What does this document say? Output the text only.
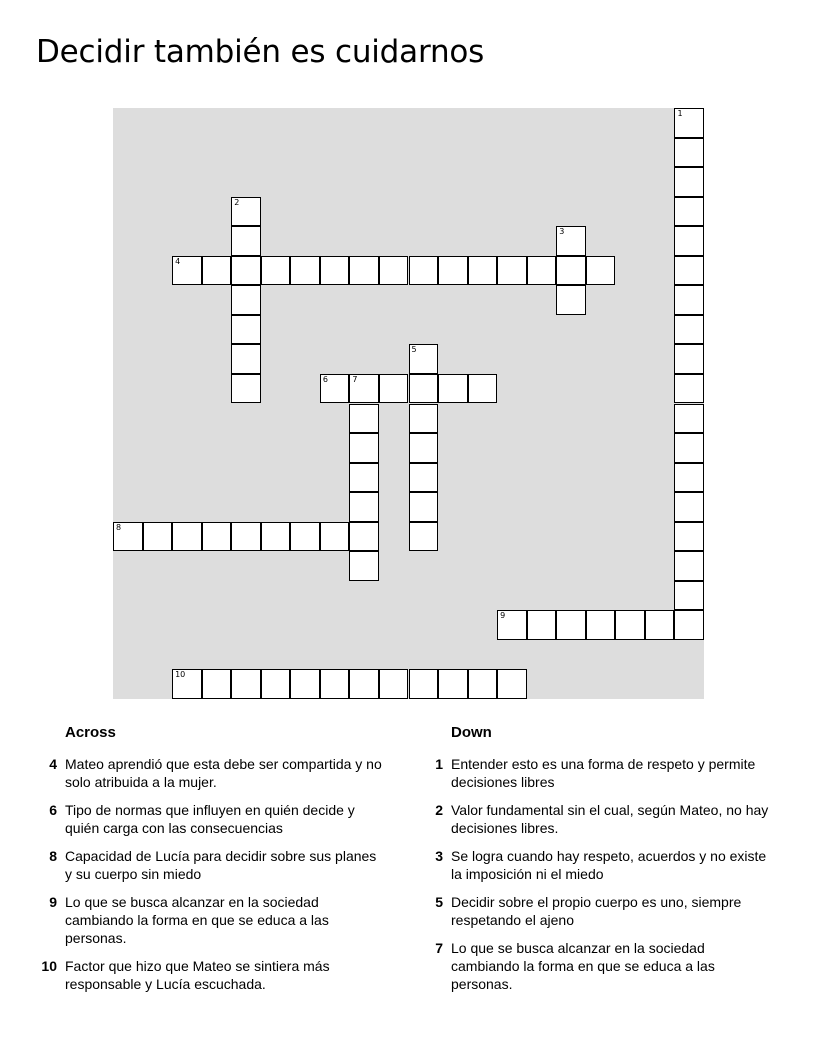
Decidir también es cuidarnos
1
2
3
4
5
6	7
8
9
10
Across
4 Mateo aprendió que esta debe ser compartida y no solo atribuida a la mujer.
6 Tipo de normas que influyen en quién decide y quién carga con las consecuencias
8 Capacidad de Lucía para decidir sobre sus planes y su cuerpo sin miedo
9 Lo que se busca alcanzar en la sociedad cambiando la forma en que se educa a las personas.
10 Factor que hizo que Mateo se sintiera más responsable y Lucía escuchada.
Down
1 Entender esto es una forma de respeto y permite decisiones libres
2 Valor fundamental sin el cual, según Mateo, no hay decisiones libres.
3 Se logra cuando hay respeto, acuerdos y no existe la imposición ni el miedo
5 Decidir sobre el propio cuerpo es uno, siempre respetando el ajeno
7 Lo que se busca alcanzar en la sociedad cambiando la forma en que se educa a las personas.
